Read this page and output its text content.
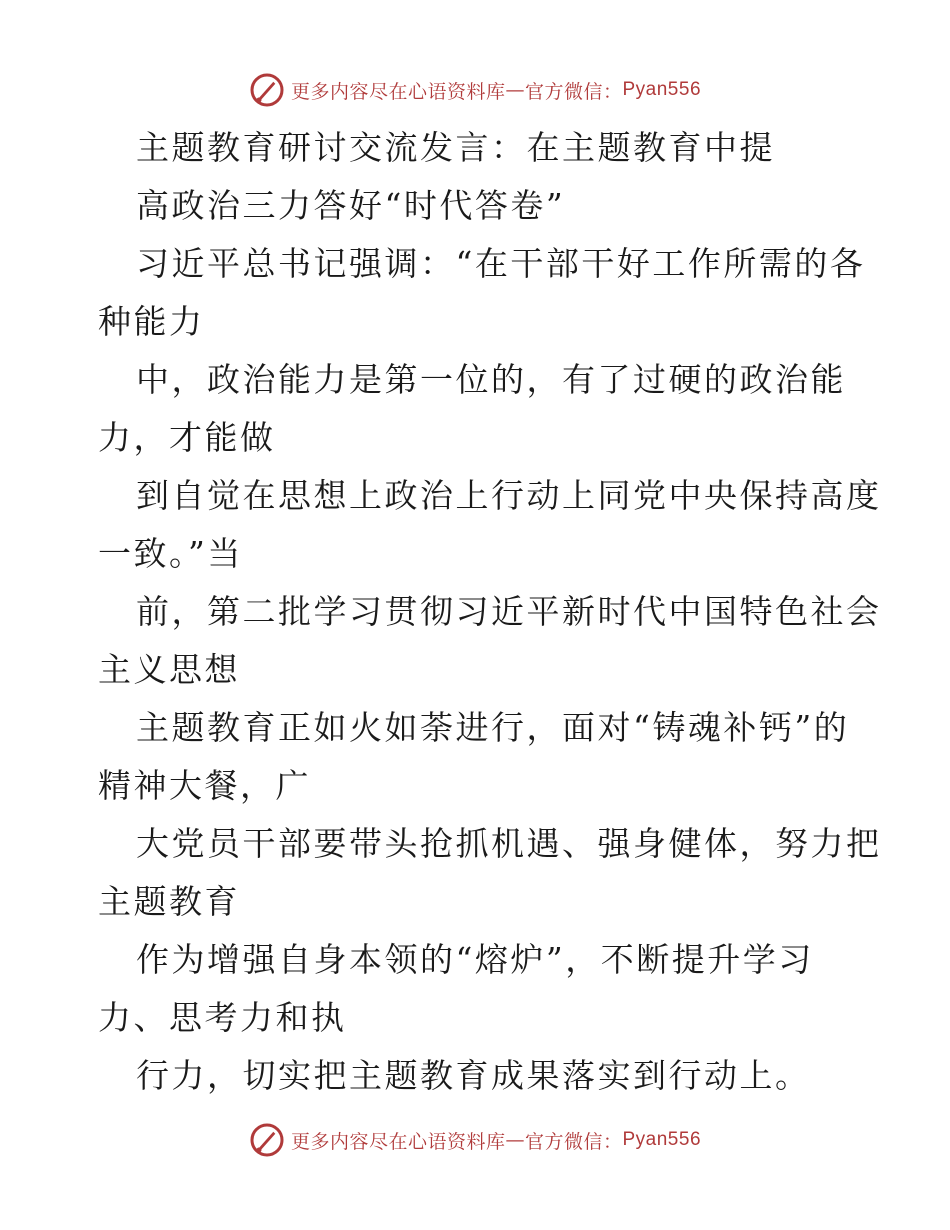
更多内容尽在心语资料库 — 官方微信： Pyan556
主题教育研讨交流发言：在主题教育中提
高政治三力答好“时代答卷”
习近平总书记强调：“在干部干好工作所需的各
种能力
中，政治能力是第一位的，有了过硬的政治能
力，才能做
到自觉在思想上政治上行动上同党中央保持高度
一致。”当
前，第二批学习贯彻习近平新时代中国特色社会
主义思想
主题教育正如火如荼进行，面对“铸魂补钙”的
精神大餐，广
大党员干部要带头抢抓机遇、强身健体，努力把
主题教育
作为增强自身本领的“熔炉”，不断提升学习
力、思考力和执
行力，切实把主题教育成果落实到行动上。
更多内容尽在心语资料库 — 官方微信： Pyan556
